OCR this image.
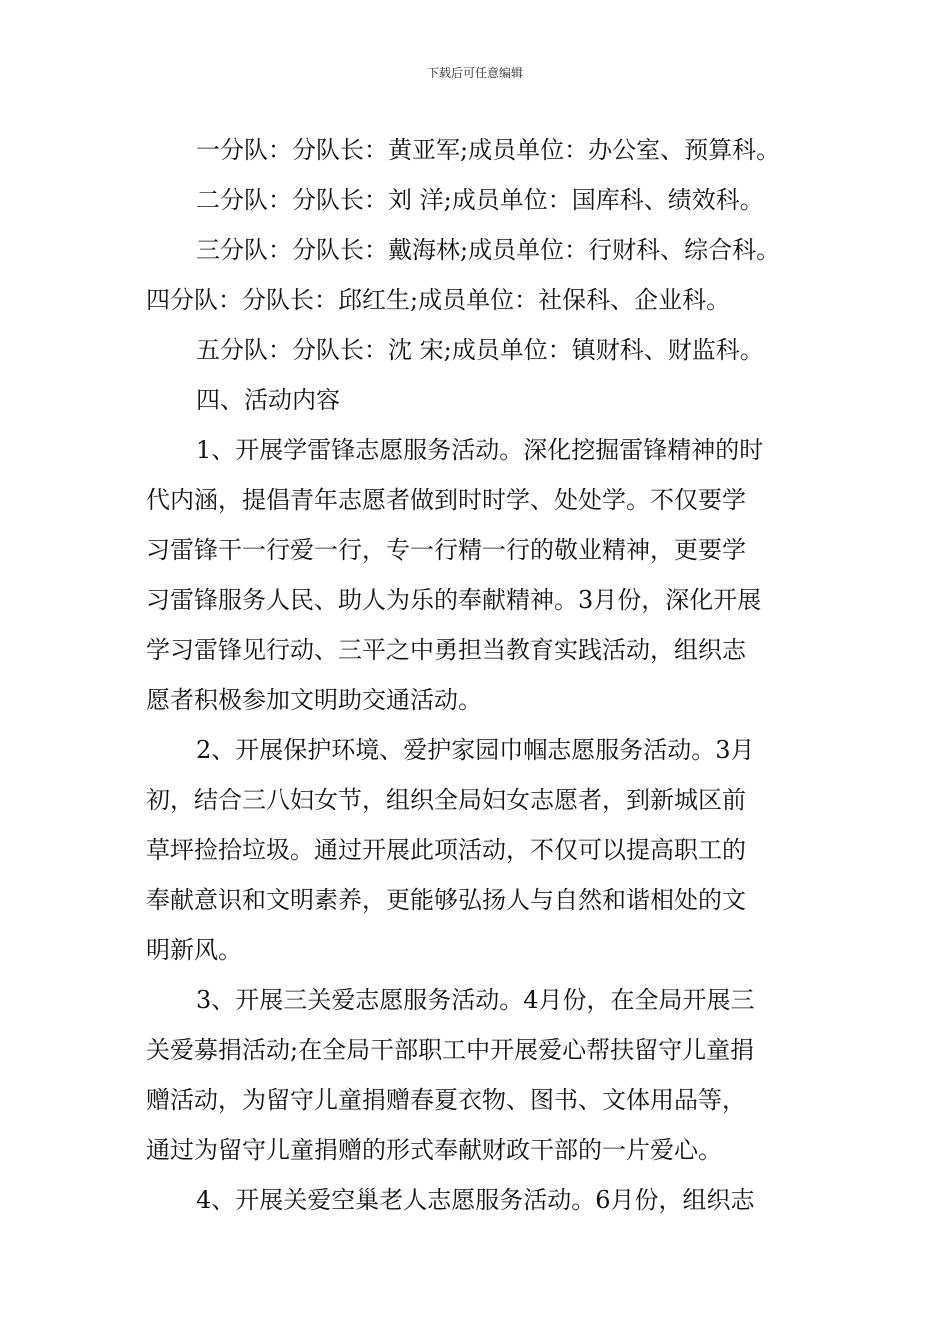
下载后可任意编辑
一分队：分队长：黄亚军;成员单位：办公室、预算科。
二分队：分队长：刘 洋;成员单位：国库科、绩效科。
三分队：分队长：戴海林;成员单位：行财科、综合科。
四分队：分队长：邱红生;成员单位：社保科、企业科。
五分队：分队长：沈 宋;成员单位：镇财科、财监科。
四、活动内容
1、开展学雷锋志愿服务活动。深化挖掘雷锋精神的时
代内涵，提倡青年志愿者做到时时学、处处学。不仅要学
习雷锋干一行爱一行，专一行精一行的敬业精神，更要学
习雷锋服务人民、助人为乐的奉献精神。3月份，深化开展
学习雷锋见行动、三平之中勇担当教育实践活动，组织志
愿者积极参加文明助交通活动。
2、开展保护环境、爱护家园巾帼志愿服务活动。3月
初，结合三八妇女节，组织全局妇女志愿者，到新城区前
草坪捡拾垃圾。通过开展此项活动，不仅可以提高职工的
奉献意识和文明素养，更能够弘扬人与自然和谐相处的文
明新风。
3、开展三关爱志愿服务活动。4月份，在全局开展三
关爱募捐活动;在全局干部职工中开展爱心帮扶留守儿童捐
赠活动，为留守儿童捐赠春夏衣物、图书、文体用品等，
通过为留守儿童捐赠的形式奉献财政干部的一片爱心。
4、开展关爱空巢老人志愿服务活动。6月份，组织志
